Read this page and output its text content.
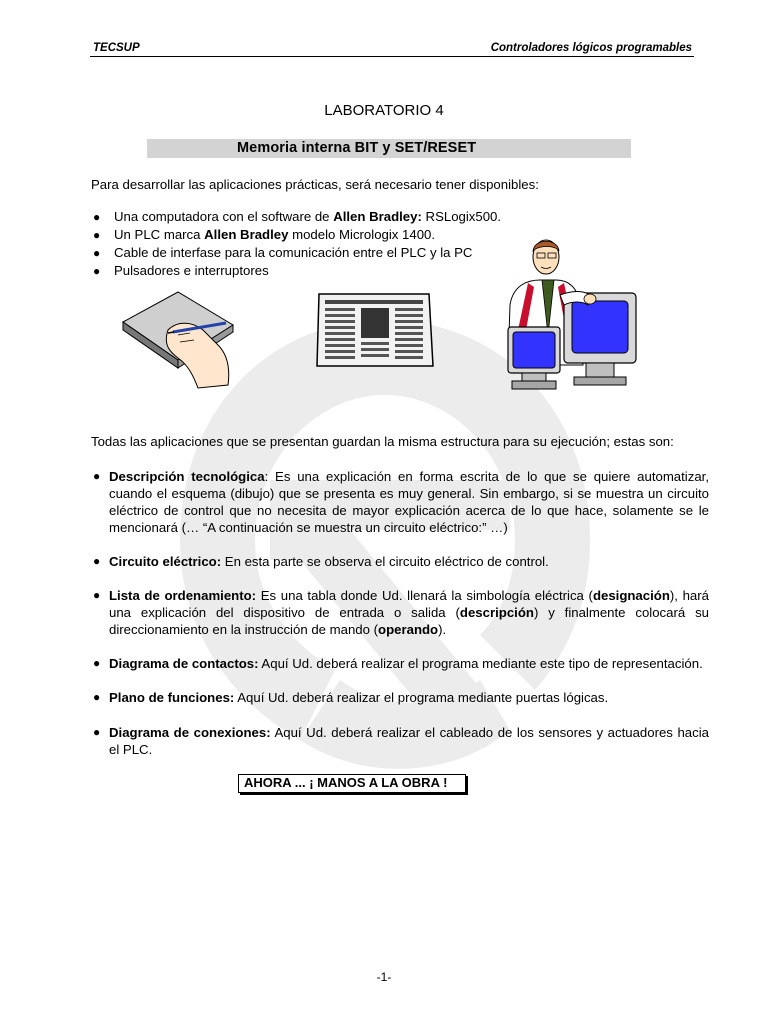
TECSUP	Controladores lógicos programables
LABORATORIO 4
Memoria interna BIT y SET/RESET
Para desarrollar las aplicaciones prácticas, será necesario tener disponibles:
● Una computadora con el software de Allen Bradley: RSLogix500.
● Un PLC marca Allen Bradley modelo Micrologix 1400.
● Cable de interfase para la comunicación entre el PLC y la PC
● Pulsadores e interruptores
Todas las aplicaciones que se presentan guardan la misma estructura para su ejecución; estas son:
● Descripción tecnológica: Es una explicación en forma escrita de lo que se quiere automatizar, cuando el esquema (dibujo) que se presenta es muy general. Sin embargo, si se muestra un circuito eléctrico de control que no necesita de mayor explicación acerca de lo que hace, solamente se le mencionará (… “A continuación se muestra un circuito eléctrico:” …)
● Circuito eléctrico: En esta parte se observa el circuito eléctrico de control.
● Lista de ordenamiento: Es una tabla donde Ud. llenará la simbología eléctrica (designación), hará una explicación del dispositivo de entrada o salida (descripción) y finalmente colocará su direccionamiento en la instrucción de mando (operando).
● Diagrama de contactos: Aquí Ud. deberá realizar el programa mediante este tipo de representación.
● Plano de funciones: Aquí Ud. deberá realizar el programa mediante puertas lógicas.
● Diagrama de conexiones: Aquí Ud. deberá realizar el cableado de los sensores y actuadores hacia el PLC.
AHORA ... ¡ MANOS A LA OBRA !
-1-
